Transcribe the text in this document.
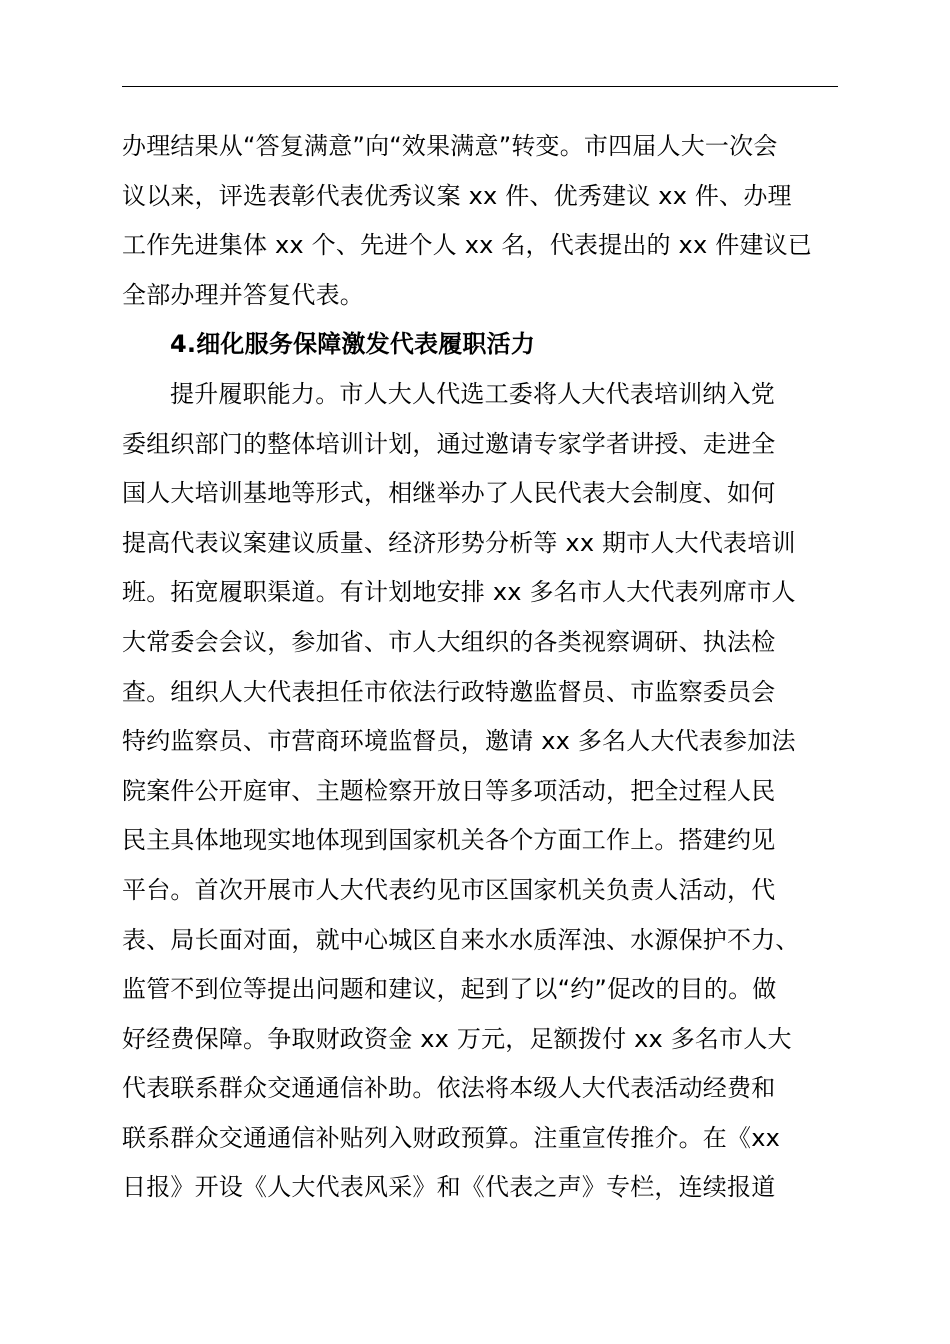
办理结果从“答复满意”向“效果满意”转变。市四届人大一次会
议以来，评选表彰代表优秀议案 xx 件、优秀建议 xx 件、办理
工作先进集体 xx 个、先进个人 xx 名，代表提出的 xx 件建议已
全部办理并答复代表。
4.细化服务保障激发代表履职活力
提升履职能力。市人大人代选工委将人大代表培训纳入党
委组织部门的整体培训计划，通过邀请专家学者讲授、走进全
国人大培训基地等形式，相继举办了人民代表大会制度、如何
提高代表议案建议质量、经济形势分析等 xx 期市人大代表培训
班。拓宽履职渠道。有计划地安排 xx 多名市人大代表列席市人
大常委会会议，参加省、市人大组织的各类视察调研、执法检
查。组织人大代表担任市依法行政特邀监督员、市监察委员会
特约监察员、市营商环境监督员，邀请 xx 多名人大代表参加法
院案件公开庭审、主题检察开放日等多项活动，把全过程人民
民主具体地现实地体现到国家机关各个方面工作上。搭建约见
平台。首次开展市人大代表约见市区国家机关负责人活动，代
表、局长面对面，就中心城区自来水水质浑浊、水源保护不力、
监管不到位等提出问题和建议，起到了以“约”促改的目的。做
好经费保障。争取财政资金 xx 万元，足额拨付 xx 多名市人大
代表联系群众交通通信补助。依法将本级人大代表活动经费和
联系群众交通通信补贴列入财政预算。注重宣传推介。在《xx
日报》开设《人大代表风采》和《代表之声》专栏，连续报道
